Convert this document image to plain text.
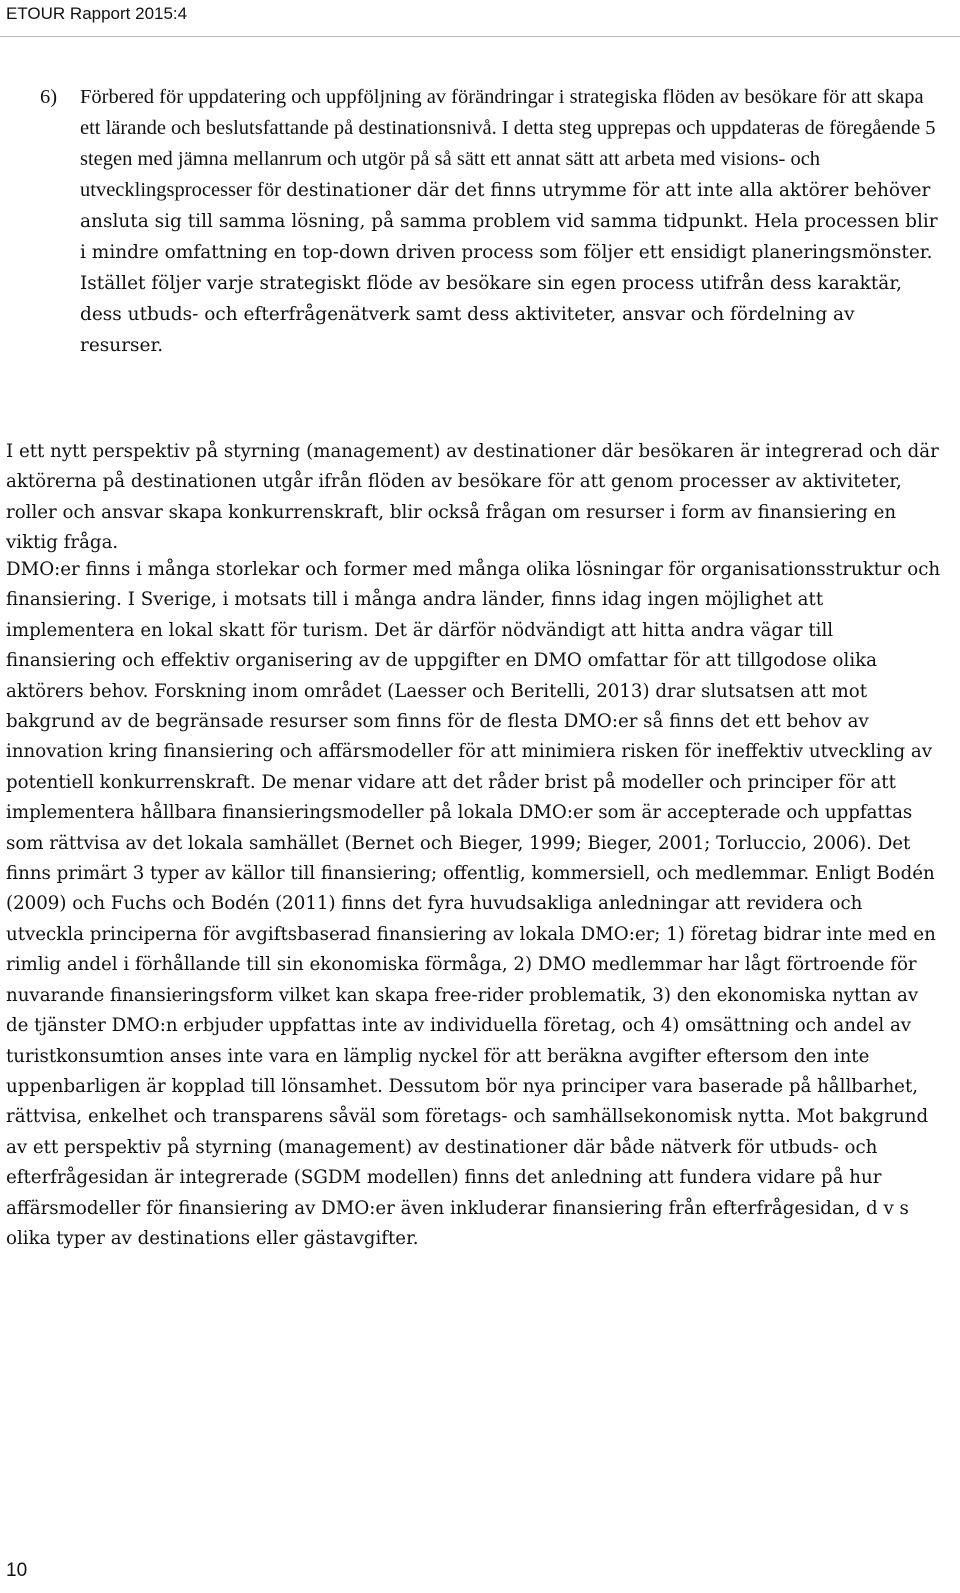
ETOUR Rapport 2015:4
6) Förbered för uppdatering och uppföljning av förändringar i strategiska flöden av besökare för att skapa ett lärande och beslutsfattande på destinationsnivå. I detta steg upprepas och uppdateras de föregående 5 stegen med jämna mellanrum och utgör på så sätt ett annat sätt att arbeta med visions- och utvecklingsprocesser för destinationer där det finns utrymme för att inte alla aktörer behöver ansluta sig till samma lösning, på samma problem vid samma tidpunkt. Hela processen blir i mindre omfattning en top-down driven process som följer ett ensidigt planeringsmönster. Istället följer varje strategiskt flöde av besökare sin egen process utifrån dess karaktär, dess utbuds- och efterfrågenätverk samt dess aktiviteter, ansvar och fördelning av resurser.

I ett nytt perspektiv på styrning (management) av destinationer där besökaren är integrerad och där aktörerna på destinationen utgår ifrån flöden av besökare för att genom processer av aktiviteter, roller och ansvar skapa konkurrenskraft, blir också frågan om resurser i form av finansiering en viktig fråga.

DMO:er finns i många storlekar och former med många olika lösningar för organisationsstruktur och finansiering. I Sverige, i motsats till i många andra länder, finns idag ingen möjlighet att implementera en lokal skatt för turism. Det är därför nödvändigt att hitta andra vägar till finansiering och effektiv organisering av de uppgifter en DMO omfattar för att tillgodose olika aktörers behov. Forskning inom området (Laesser och Beritelli, 2013) drar slutsatsen att mot bakgrund av de begränsade resurser som finns för de flesta DMO:er så finns det ett behov av innovation kring finansiering och affärsmodeller för att minimiera risken för ineffektiv utveckling av potentiell konkurrenskraft. De menar vidare att det råder brist på modeller och principer för att implementera hållbara finansieringsmodeller på lokala DMO:er som är accepterade och uppfattas som rättvisa av det lokala samhället (Bernet och Bieger, 1999; Bieger, 2001; Torluccio, 2006). Det finns primärt 3 typer av källor till finansiering; offentlig, kommersiell, och medlemmar. Enligt Bodén (2009) och Fuchs och Bodén (2011) finns det fyra huvudsakliga anledningar att revidera och utveckla principerna för avgiftsbaserad finansiering av lokala DMO:er; 1) företag bidrar inte med en rimlig andel i förhållande till sin ekonomiska förmåga, 2) DMO medlemmar har lågt förtroende för nuvarande finansieringsform vilket kan skapa free-rider problematik, 3) den ekonomiska nyttan av de tjänster DMO:n erbjuder uppfattas inte av individuella företag, och 4) omsättning och andel av turistkonsumtion anses inte vara en lämplig nyckel för att beräkna avgifter eftersom den inte uppenbarligen är kopplad till lönsamhet. Dessutom bör nya principer vara baserade på hållbarhet, rättvisa, enkelhet och transparens såväl som företags- och samhällsekonomisk nytta. Mot bakgrund av ett perspektiv på styrning (management) av destinationer där både nätverk för utbuds- och efterfrågesidan är integrerade (SGDM modellen) finns det anledning att fundera vidare på hur affärsmodeller för finansiering av DMO:er även inkluderar finansiering från efterfrågesidan, d v s olika typer av destinations eller gästavgifter.

10
